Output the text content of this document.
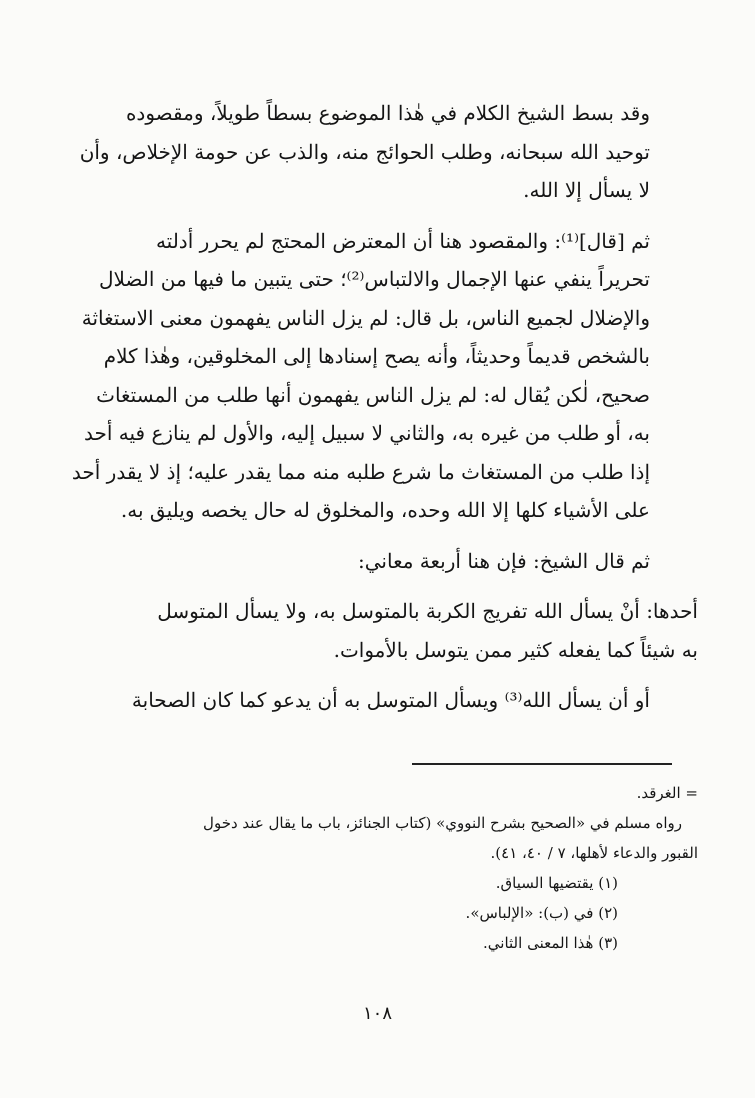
وقد بسط الشيخ الكلام في هٰذا الموضوع بسطاً طويلاً، ومقصوده
توحيد الله سبحانه، وطلب الحوائج منه، والذب عن حومة الإخلاص، وأن
لا يسأل إلا الله.

ثم [قال]⁽¹⁾: والمقصود هنا أن المعترض المحتج لم يحرر أدلته
تحريراً ينفي عنها الإجمال والالتباس⁽²⁾؛ حتى يتبين ما فيها من الضلال
والإضلال لجميع الناس، بل قال: لم يزل الناس يفهمون معنى الاستغاثة
بالشخص قديماً وحديثاً، وأنه يصح إسنادها إلى المخلوقين، وهٰذا كلام
صحيح، لٰكن يُقال له: لم يزل الناس يفهمون أنها طلب من المستغاث
به، أو طلب من غيره به، والثاني لا سبيل إليه، والأول لم ينازع فيه أحد
إذا طلب من المستغاث ما شرع طلبه منه مما يقدر عليه؛ إذ لا يقدر أحد
على الأشياء كلها إلا الله وحده، والمخلوق له حال يخصه ويليق به.

ثم قال الشيخ: فإن هنا أربعة معاني:

أحدها: أنْ يسأل الله تفريج الكربة بالمتوسل به، ولا يسأل المتوسل
به شيئاً كما يفعله كثير ممن يتوسل بالأموات.

أو أن يسأل الله⁽³⁾ ويسأل المتوسل به أن يدعو كما كان الصحابة

= الغرقد.

رواه مسلم في «الصحيح بشرح النووي» (كتاب الجنائز، باب ما يقال عند دخول

القبور والدعاء لأهلها، ٧ / ٤٠، ٤١).

(١) يقتضيها السياق.

(٢) في (ب): «الإلباس».

(٣) هٰذا المعنى الثاني.

١٠٨
